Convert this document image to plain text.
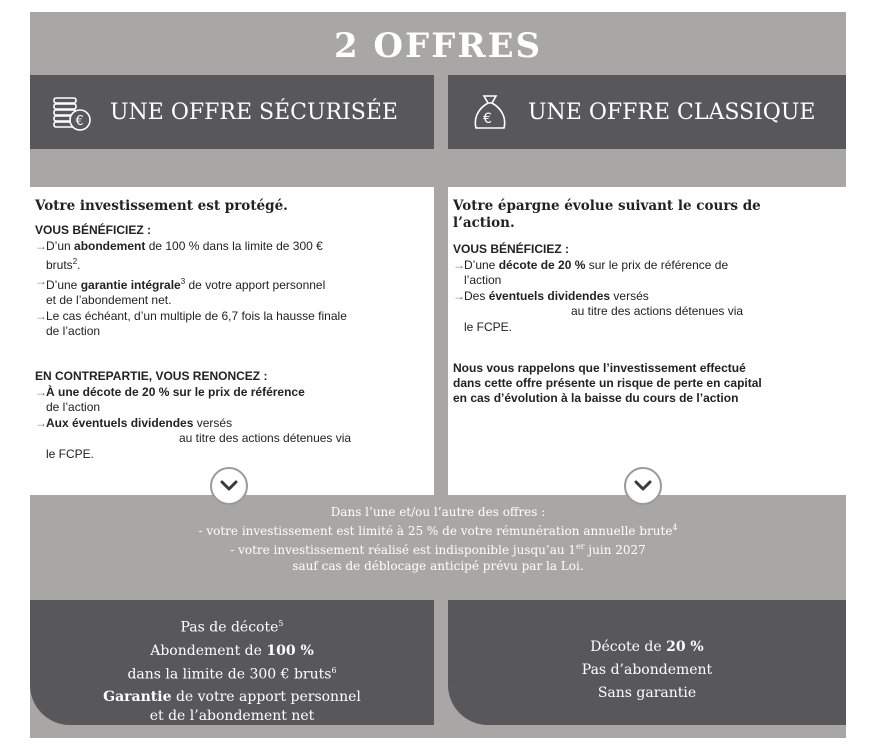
2 OFFRES
€ UNE OFFRE SÉCURISÉE	€ UNE OFFRE CLASSIQUE
Votre investissement est protégé.
VOUS BÉNÉFICIEZ :
→ D’un abondement de 100 % dans la limite de 300 €
bruts$^2$.
→ D’une garantie intégrale$^3$ de votre apport personnel
et de l’abondement net.
→ Le cas échéant, d’un multiple de 6,7 fois la hausse finale
de l’action
EN CONTREPARTIE, VOUS RENONCEZ :
→ À une décote de 20 % sur le prix de référence
de l’action
→ Aux éventuels dividendes versés
au titre des actions détenues via
le FCPE.
Votre épargne évolue suivant le cours de
l’action.
VOUS BÉNÉFICIEZ :
→ D’une décote de 20 % sur le prix de référence de
l’action
→ Des éventuels dividendes versés
au titre des actions détenues via
le FCPE.
Nous vous rappelons que l’investissement effectué
dans cette offre présente un risque de perte en capital
en cas d’évolution à la baisse du cours de l’action
Dans l’une et/ou l’autre des offres :
- votre investissement est limité à 25 % de votre rémunération annuelle brute$^4$
- votre investissement réalisé est indisponible jusqu’au 1er juin 2027
sauf cas de déblocage anticipé prévu par la Loi.
Pas de décote$^5$
Abondement de 100 %
dans la limite de 300 € bruts$^6$
Garantie de votre apport personnel
et de l’abondement net
Décote de 20 %
Pas d’abondement
Sans garantie
